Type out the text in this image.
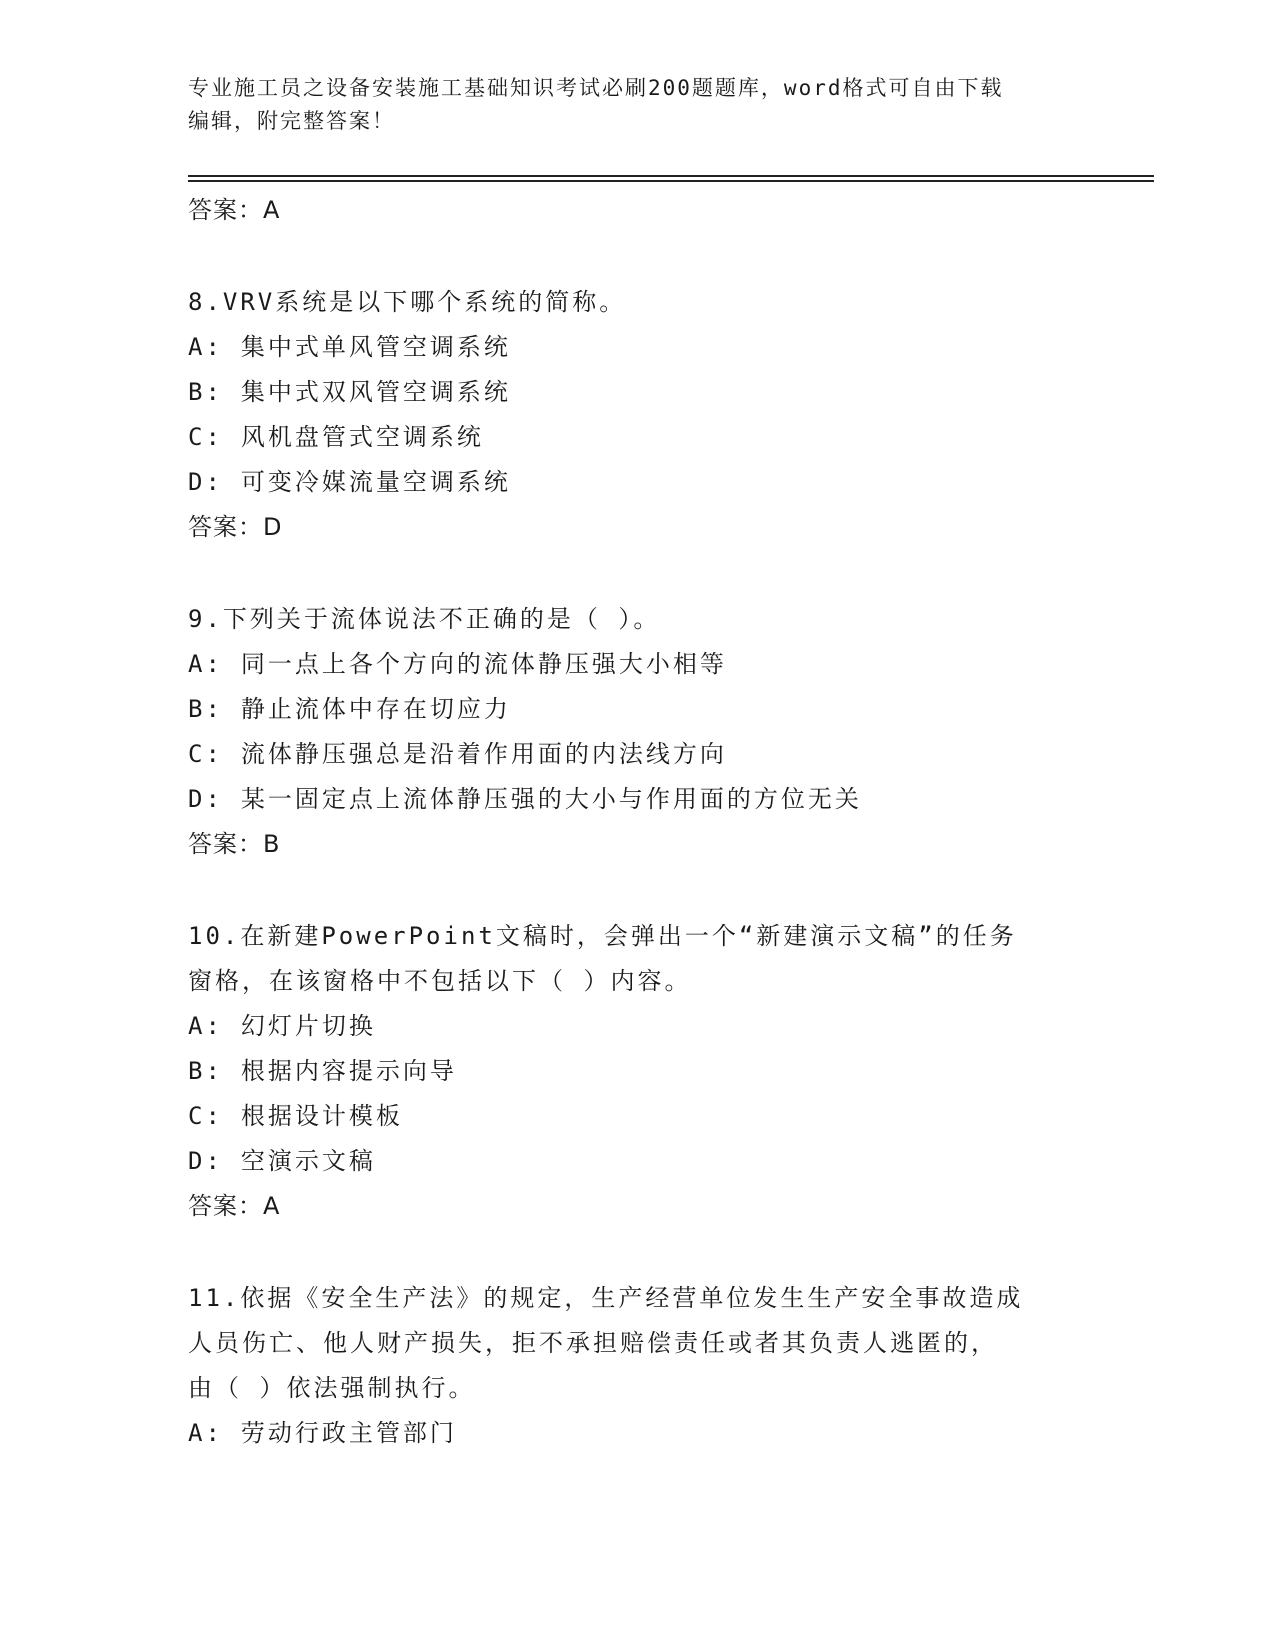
专业施工员之设备安装施工基础知识考试必刷200题题库，word格式可自由下载
编辑，附完整答案！
答案：A
8.VRV系统是以下哪个系统的简称。
A: 集中式单风管空调系统
B: 集中式双风管空调系统
C: 风机盘管式空调系统
D: 可变冷媒流量空调系统
答案：D
9.下列关于流体说法不正确的是（ ）。
A: 同一点上各个方向的流体静压强大小相等
B: 静止流体中存在切应力
C: 流体静压强总是沿着作用面的内法线方向
D: 某一固定点上流体静压强的大小与作用面的方位无关
答案：B
10.在新建PowerPoint文稿时，会弹出一个“新建演示文稿”的任务
窗格，在该窗格中不包括以下（ ）内容。
A: 幻灯片切换
B: 根据内容提示向导
C: 根据设计模板
D: 空演示文稿
答案：A
11.依据《安全生产法》的规定，生产经营单位发生生产安全事故造成
人员伤亡、他人财产损失，拒不承担赔偿责任或者其负责人逃匿的，
由（ ）依法强制执行。
A: 劳动行政主管部门
